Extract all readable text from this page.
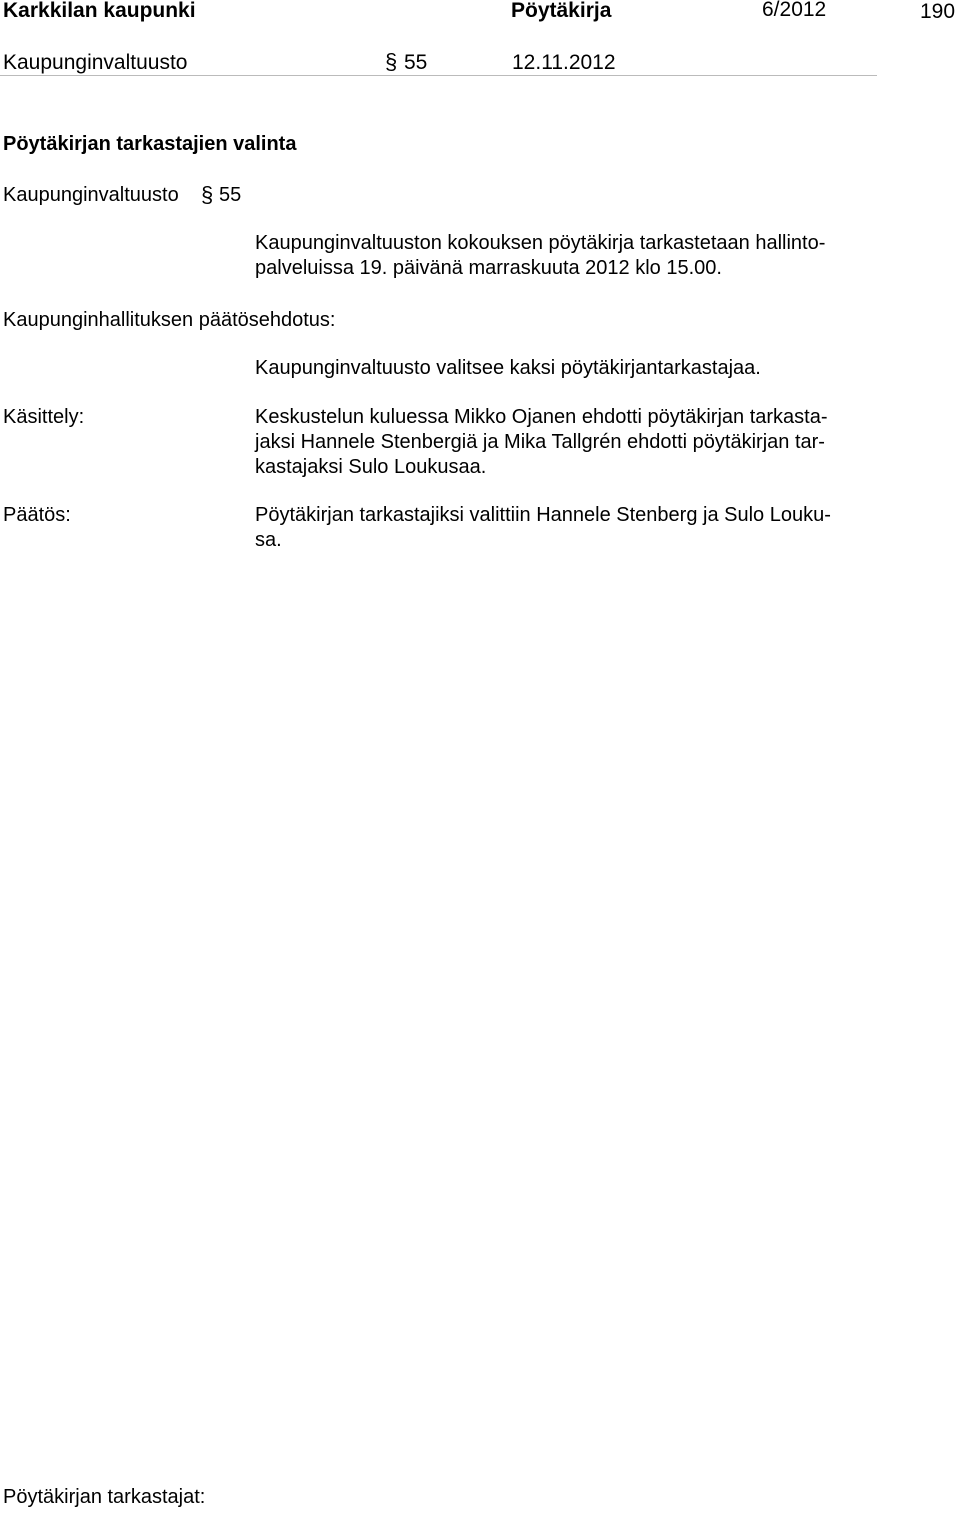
Karkkilan kaupunki	Pöytäkirja	6/2012	190
Kaupunginvaltuusto	§ 55	12.11.2012
Pöytäkirjan tarkastajien valinta
Kaupunginvaltuusto § 55
Kaupunginvaltuuston kokouksen pöytäkirja tarkastetaan hallinto-
palveluissa 19. päivänä marraskuuta 2012 klo 15.00.
Kaupunginhallituksen päätösehdotus:
Kaupunginvaltuusto valitsee kaksi pöytäkirjantarkastajaa.
Käsittely:	Keskustelun kuluessa Mikko Ojanen ehdotti pöytäkirjan tarkasta-
jaksi Hannele Stenbergiä ja Mika Tallgrén ehdotti pöytäkirjan tar-
kastajaksi Sulo Loukusaa.
Päätös:	Pöytäkirjan tarkastajiksi valittiin Hannele Stenberg ja Sulo Louku-
sa.
Pöytäkirjan tarkastajat:
